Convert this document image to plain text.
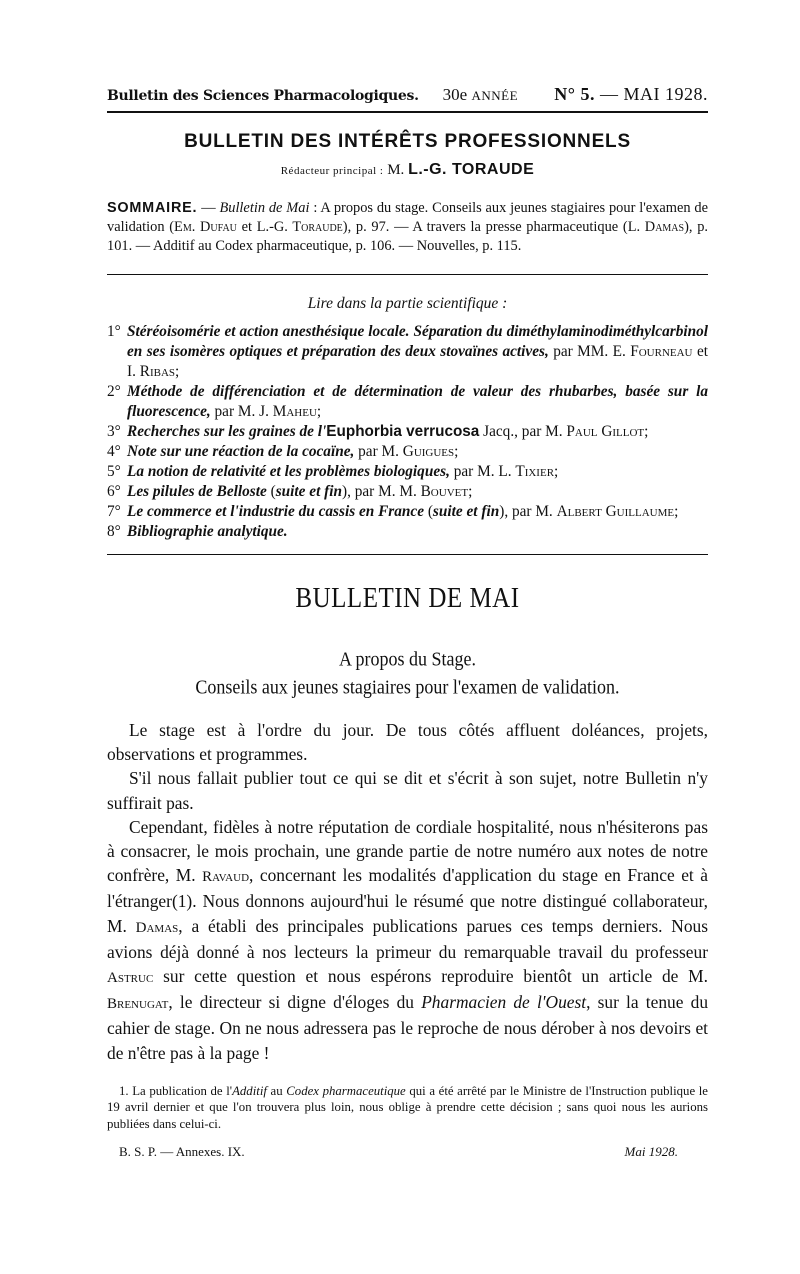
Bulletin des Sciences Pharmacologiques. 30e ANNÉE	N° 5. — MAI 1928.
BULLETIN DES INTÉRÊTS PROFESSIONNELS
Rédacteur principal : M. L.-G. TORAUDE
SOMMAIRE. — Bulletin de Mai : A propos du stage. Conseils aux jeunes stagiaires pour l'examen de validation (Em. Dufau et L.-G. Toraude), p. 97. — A travers la presse pharmaceutique (L. Damas), p. 101. — Additif au Codex pharmaceutique, p. 106. — Nouvelles, p. 115.
Lire dans la partie scientifique :
1° Stéréoisomérie et action anesthésique locale. Séparation du diméthylaminodiméthylcarbinol en ses isomères optiques et préparation des deux stovaïnes actives, par MM. E. Fourneau et I. Ribas;
2° Méthode de différenciation et de détermination de valeur des rhubarbes, basée sur la fluorescence, par M. J. Maheu;
3° Recherches sur les graines de l'Euphorbia verrucosa Jacq., par M. Paul Gillot;
4° Note sur une réaction de la cocaïne, par M. Guigues;
5° La notion de relativité et les problèmes biologiques, par M. L. Tixier;
6° Les pilules de Belloste (suite et fin), par M. M. Bouvet;
7° Le commerce et l'industrie du cassis en France (suite et fin), par M. Albert Guillaume;
8° Bibliographie analytique.
BULLETIN DE MAI
A propos du Stage.
Conseils aux jeunes stagiaires pour l'examen de validation.

Le stage est à l'ordre du jour. De tous côtés affluent doléances, projets, observations et programmes.

S'il nous fallait publier tout ce qui se dit et s'écrit à son sujet, notre Bulletin n'y suffirait pas.

Cependant, fidèles à notre réputation de cordiale hospitalité, nous n'hésiterons pas à consacrer, le mois prochain, une grande partie de notre numéro aux notes de notre confrère, M. Ravaud, concernant les modalités d'application du stage en France et à l'étranger(1). Nous donnons aujourd'hui le résumé que notre distingué collaborateur, M. Damas, a établi des principales publications parues ces temps derniers. Nous avions déjà donné à nos lecteurs la primeur du remarquable travail du professeur Astruc sur cette question et nous espérons reproduire bientôt un article de M. Brenugat, le directeur si digne d'éloges du Pharmacien de l'Ouest, sur la tenue du cahier de stage. On ne nous adressera pas le reproche de nous dérober à nos devoirs et de n'être pas à la page !

1. La publication de l'Additif au Codex pharmaceutique qui a été arrêté par le Ministre de l'Instruction publique le 19 avril dernier et que l'on trouvera plus loin, nous oblige à prendre cette décision ; sans quoi nous les aurions publiées dans celui-ci.

B. S. P. — Annexes. IX.	Mai 1928.
